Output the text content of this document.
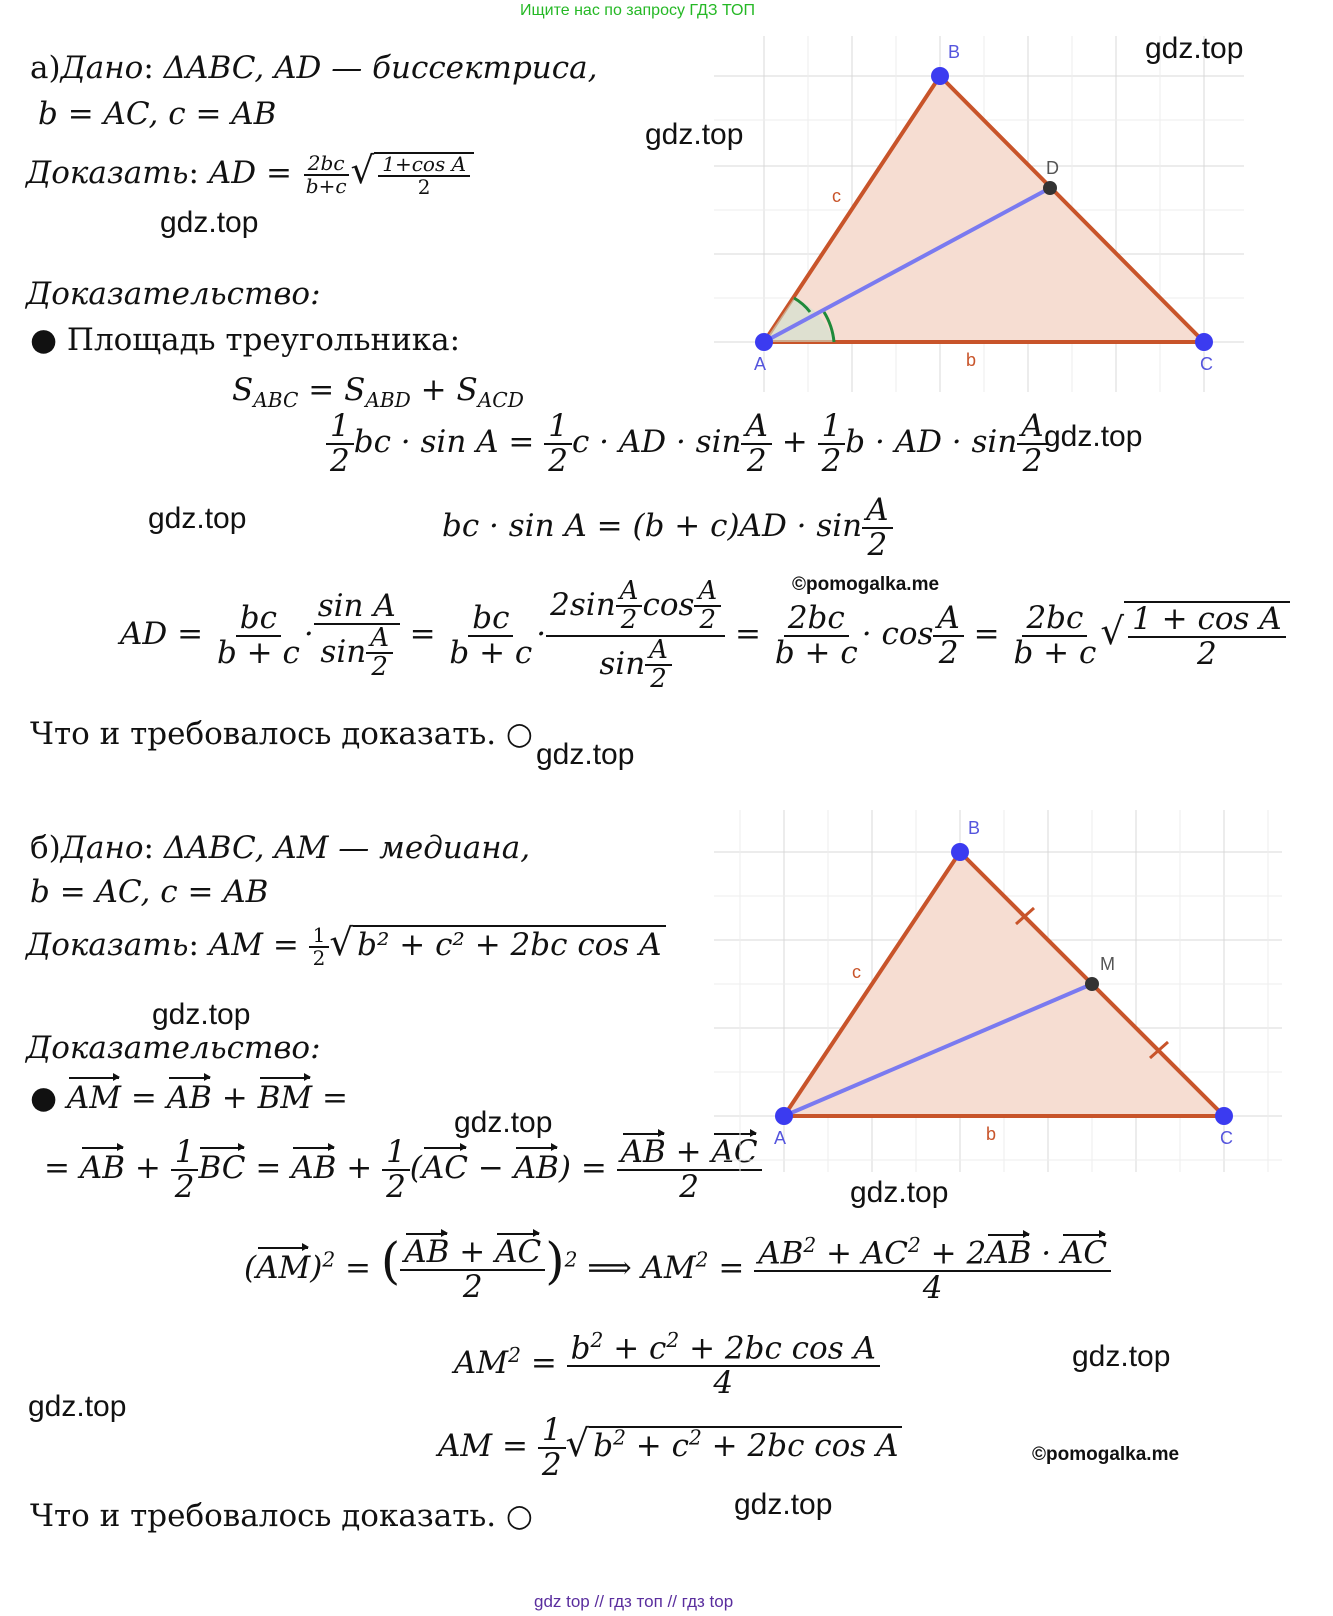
Ищите нас по запросу ГДЗ ТОП
а)Дано: ΔABC, AD — биссектриса,
b = AC, c = AB
Доказать: AD = $\frac{2bc}{b+c}$ √ $\frac{\text{1+cos A}}{2}$
Доказательство:
● Площадь треугольника:
$S_{ABC} = S_{ABD} + S_{ACD}$
$\frac{1}{2}$ bc · $\sin A = \frac{1}{2}$ c · AD · $\sin \frac{A}{2} + \frac{1}{2}$ b · AD · $\sin \frac{A}{2}$
bc · $\sin A = (b + c)AD \cdot \sin \frac{A}{2}$
AD = $\frac{bc}{b + c} \cdot \frac{\text{sin A}}{\sin \frac{A}{2}} = \frac{bc}{b + c} \cdot \frac{2\sin \frac{A}{2} \cos \frac{A}{2}}{\sin \frac{A}{2}} = \frac{2bc}{b + c} \cdot \cos \frac{A}{2} = \frac{2bc}{b + c}$ √ $\frac{\text{1 + cos A}}{2}$
Что и требовалось доказать. ○
A
B
C
D
b
c
б)Дано: ΔABC, AM — медиана,
b = AC, c = AB
Доказать: AM = $\frac{1}{2}$ √ b² + c² + 2bc cos A
Доказательство:
● AM = AB + BM =
= AB + $\frac{1}{2}$ BC = AB + $\frac{1}{2} (AC - AB) = \frac{AB + AC}{2}$
(AM)$^2$ = ( $\frac{AB + AC}{2} )^2$ ⟹ $AM^2 = \frac{AB^2 + AC^2 + 2AB \cdot AC}{4}$
$AM^2 = \frac{b^2 + c^2 + 2bc \cos A}{4}$
AM = $\frac{1}{2}$ √ $b^2 + c^2 + 2bc$ cos A
Что и требовалось доказать. ○
A
B
C
M
b
c
gdz.top
gdz.top
gdz.top
gdz.top
gdz.top
©pomogalka.me
gdz.top
gdz.top
gdz.top
gdz.top
gdz.top
gdz.top
©pomogalka.me
gdz.top
gdz top // гдз топ // гдз top
